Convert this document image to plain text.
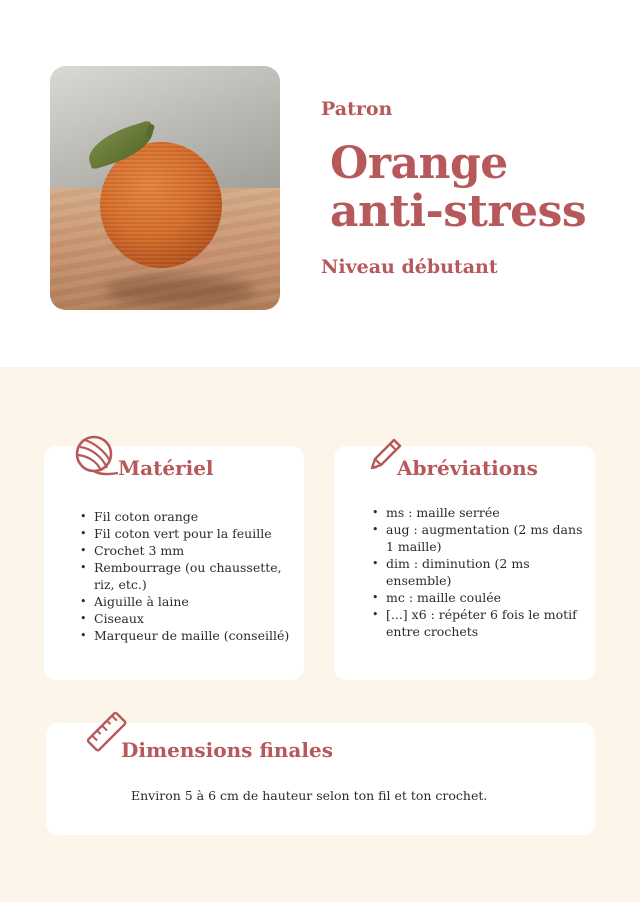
Patron
Orange
anti-stress
Niveau débutant
Matériel
• Fil coton orange
• Fil coton vert pour la feuille
• Crochet 3 mm
• Rembourrage (ou chaussette, riz, etc.)
• Aiguille à laine
• Ciseaux
• Marqueur de maille (conseillé)
Abréviations
• ms : maille serrée
• aug : augmentation (2 ms dans 1 maille)
• dim : diminution (2 ms ensemble)
• mc : maille coulée
• [...] x6 : répéter 6 fois le motif entre crochets
Dimensions finales
Environ 5 à 6 cm de hauteur selon ton fil et ton crochet.
